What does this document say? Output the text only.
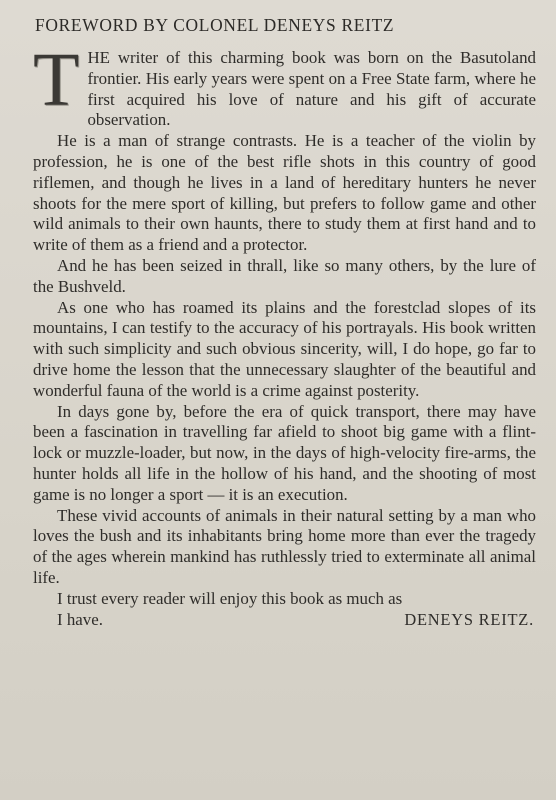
FOREWORD BY COLONEL DENEYS REITZ

THE writer of this charming book was born on the Basutoland frontier. His early years were spent on a Free State farm, where he first acquired his love of nature and his gift of accurate observation.

He is a man of strange contrasts. He is a teacher of the violin by profession, he is one of the best rifle shots in this country of good riflemen, and though he lives in a land of hereditary hunters he never shoots for the mere sport of killing, but prefers to follow game and other wild animals to their own haunts, there to study them at first hand and to write of them as a friend and a protector.

And he has been seized in thrall, like so many others, by the lure of the Bushveld.

As one who has roamed its plains and the forestclad slopes of its mountains, I can testify to the accuracy of his portrayals. His book written with such simplicity and such obvious sincerity, will, I do hope, go far to drive home the lesson that the unnecessary slaughter of the beautiful and wonderful fauna of the world is a crime against posterity.

In days gone by, before the era of quick transport, there may have been a fascination in travelling far afield to shoot big game with a flint-lock or muzzle-loader, but now, in the days of high-velocity fire-arms, the hunter holds all life in the hollow of his hand, and the shooting of most game is no longer a sport — it is an execution.

These vivid accounts of animals in their natural setting by a man who loves the bush and its inhabitants bring home more than ever the tragedy of the ages wherein mankind has ruthlessly tried to exterminate all animal life.

I trust every reader will enjoy this book as much as

I have.	DENEYS REITZ.
